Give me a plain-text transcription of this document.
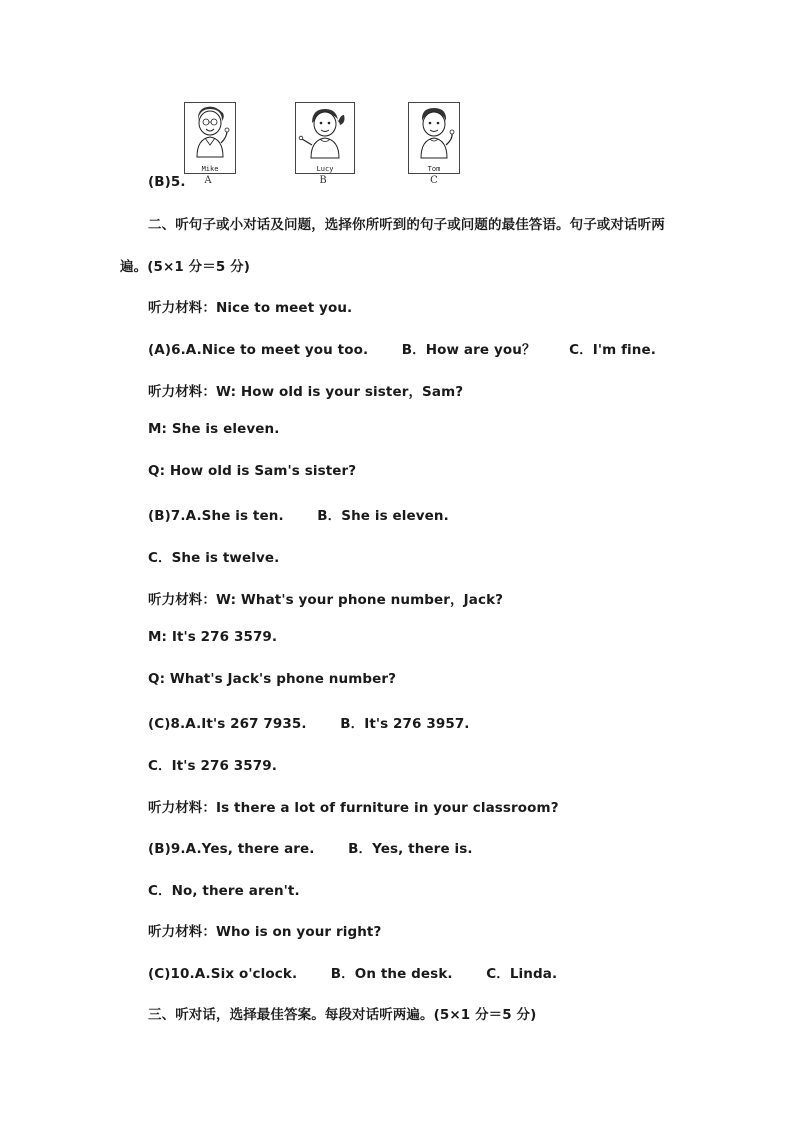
Mike
A
Lucy
B
Tom
C
(B)5.
二、听句子或小对话及问题，选择你所听到的句子或问题的最佳答语。句子或对话听两
遍。(5×1 分＝5 分)
听力材料：Nice to meet you.
(A)6.A.Nice to meet you too.       B．How are you？       C．I'm fine.
听力材料：W: How old is your sister，Sam?
M: She is eleven.
Q: How old is Sam's sister?
(B)7.A.She is ten.       B．She is eleven.
C．She is twelve.
听力材料：W: What's your phone number，Jack?
M: It's 276 3579.
Q: What's Jack's phone number?
(C)8.A.It's 267 7935.       B．It's 276 3957.
C．It's 276 3579.
听力材料：Is there a lot of furniture in your classroom?
(B)9.A.Yes, there are.       B．Yes, there is.
C．No, there aren't.
听力材料：Who is on your right?
(C)10.A.Six o'clock.       B．On the desk.       C．Linda.
三、听对话，选择最佳答案。每段对话听两遍。(5×1 分＝5 分)
